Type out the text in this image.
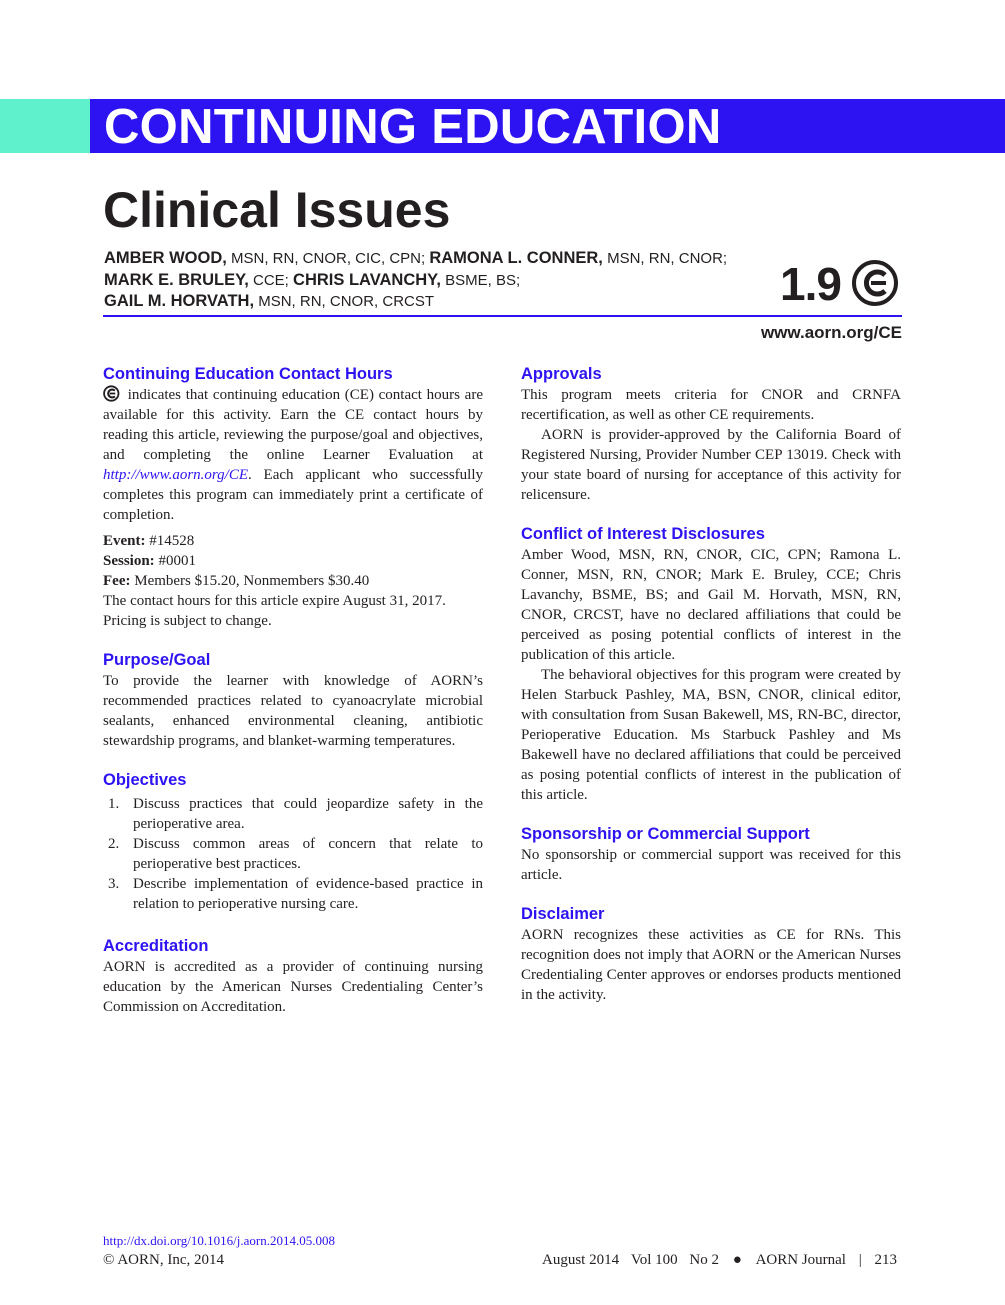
CONTINUING EDUCATION
Clinical Issues
AMBER WOOD, MSN, RN, CNOR, CIC, CPN; RAMONA L. CONNER, MSN, RN, CNOR;
MARK E. BRULEY, CCE; CHRIS LAVANCHY, BSME, BS;
GAIL M. HORVATH, MSN, RN, CNOR, CRCST	1.9
www.aorn.org/CE
Continuing Education Contact Hours

indicates that continuing education (CE) contact hours are available for this activity. Earn the CE contact hours by reading this article, reviewing the purpose/goal and objectives, and completing the online Learner Evaluation at http://www.aorn.org/CE. Each applicant who successfully completes this program can immediately print a certificate of completion.

Event: #14528

Session: #0001

Fee: Members $15.20, Nonmembers $30.40

The contact hours for this article expire August 31, 2017. Pricing is subject to change.

Purpose/Goal

To provide the learner with knowledge of AORN’s recommended practices related to cyanoacrylate microbial sealants, enhanced environmental cleaning, antibiotic stewardship programs, and blanket-warming temperatures.

Objectives
1. Discuss practices that could jeopardize safety in the perioperative area.
2. Discuss common areas of concern that relate to perioperative best practices.
3. Describe implementation of evidence-based practice in relation to perioperative nursing care.
Accreditation

AORN is accredited as a provider of continuing nursing education by the American Nurses Credentialing Center’s Commission on Accreditation.

Approvals

This program meets criteria for CNOR and CRNFA recertification, as well as other CE requirements.

AORN is provider-approved by the California Board of Registered Nursing, Provider Number CEP 13019. Check with your state board of nursing for acceptance of this activity for relicensure.

Conflict of Interest Disclosures

Amber Wood, MSN, RN, CNOR, CIC, CPN; Ramona L. Conner, MSN, RN, CNOR; Mark E. Bruley, CCE; Chris Lavanchy, BSME, BS; and Gail M. Horvath, MSN, RN, CNOR, CRCST, have no declared affiliations that could be perceived as posing potential conflicts of interest in the publication of this article.

The behavioral objectives for this program were created by Helen Starbuck Pashley, MA, BSN, CNOR, clinical editor, with consultation from Susan Bakewell, MS, RN-BC, director, Perioperative Education. Ms Starbuck Pashley and Ms Bakewell have no declared affiliations that could be perceived as posing potential conflicts of interest in the publication of this article.

Sponsorship or Commercial Support

No sponsorship or commercial support was received for this article.

Disclaimer

AORN recognizes these activities as CE for RNs. This recognition does not imply that AORN or the American Nurses Credentialing Center approves or endorses products mentioned in the activity.

http://dx.doi.org/10.1016/j.aorn.2014.05.008
© AORN, Inc, 2014	August 2014 Vol 100 No 2 ● AORN Journal | 213
